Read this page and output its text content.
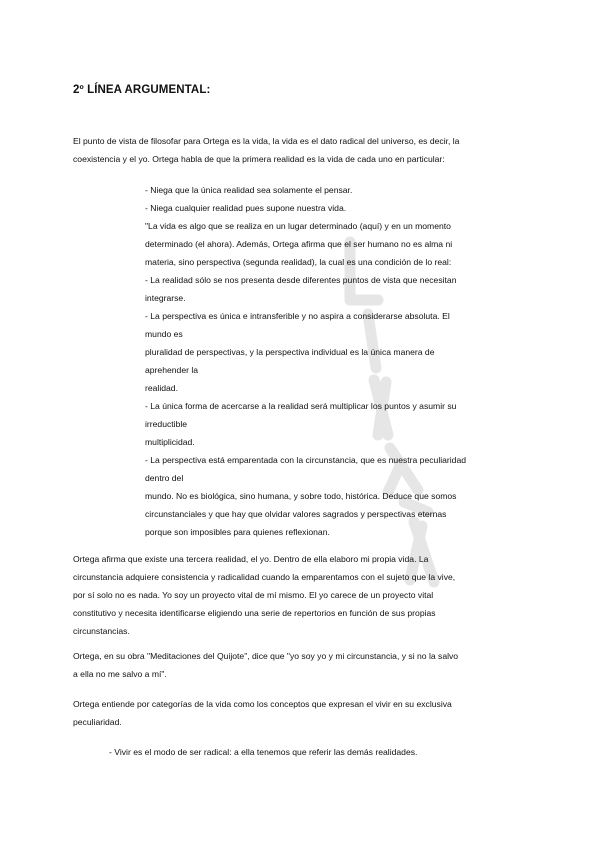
2º LÍNEA ARGUMENTAL:
El punto de vista de filosofar para Ortega es la vida, la vida es el dato radical del universo, es decir, la
coexistencia y el yo. Ortega habla de que la primera realidad es la vida de cada uno en particular:
- Niega que la única realidad sea solamente el pensar.
- Niega cualquier realidad pues supone nuestra vida.
"La vida es algo que se realiza en un lugar determinado (aquí) y en un momento
determinado (el ahora). Además, Ortega afirma que el ser humano no es alma ni
materia, sino perspectiva (segunda realidad), la cual es una condición de lo real:
- La realidad sólo se nos presenta desde diferentes puntos de vista que necesitan
integrarse.
- La perspectiva es única e intransferible y no aspira a considerarse absoluta. El
mundo es
pluralidad de perspectivas, y la perspectiva individual es la única manera de
aprehender la
realidad.
- La única forma de acercarse a la realidad será multiplicar los puntos y asumir su
irreductible
multiplicidad.
- La perspectiva está emparentada con la circunstancia, que es nuestra peculiaridad
dentro del
mundo. No es biológica, sino humana, y sobre todo, histórica. Deduce que somos
circunstanciales y que hay que olvidar valores sagrados y perspectivas eternas
porque son imposibles para quienes reflexionan.
Ortega afirma que existe una tercera realidad, el yo. Dentro de ella elaboro mi propia vida. La
circunstancia adquiere consistencia y radicalidad cuando la emparentamos con el sujeto que la vive,
por sí solo no es nada. Yo soy un proyecto vital de mí mismo. El yo carece de un proyecto vital
constitutivo y necesita identificarse eligiendo una serie de repertorios en función de sus propias
circunstancias.
Ortega, en su obra "Meditaciones del Quijote", dice que "yo soy yo y mi circunstancia, y si no la salvo
a ella no me salvo a mí".
Ortega entiende por categorías de la vida como los conceptos que expresan el vivir en su exclusiva
peculiaridad.
- Vivir es el modo de ser radical: a ella tenemos que referir las demás realidades.
